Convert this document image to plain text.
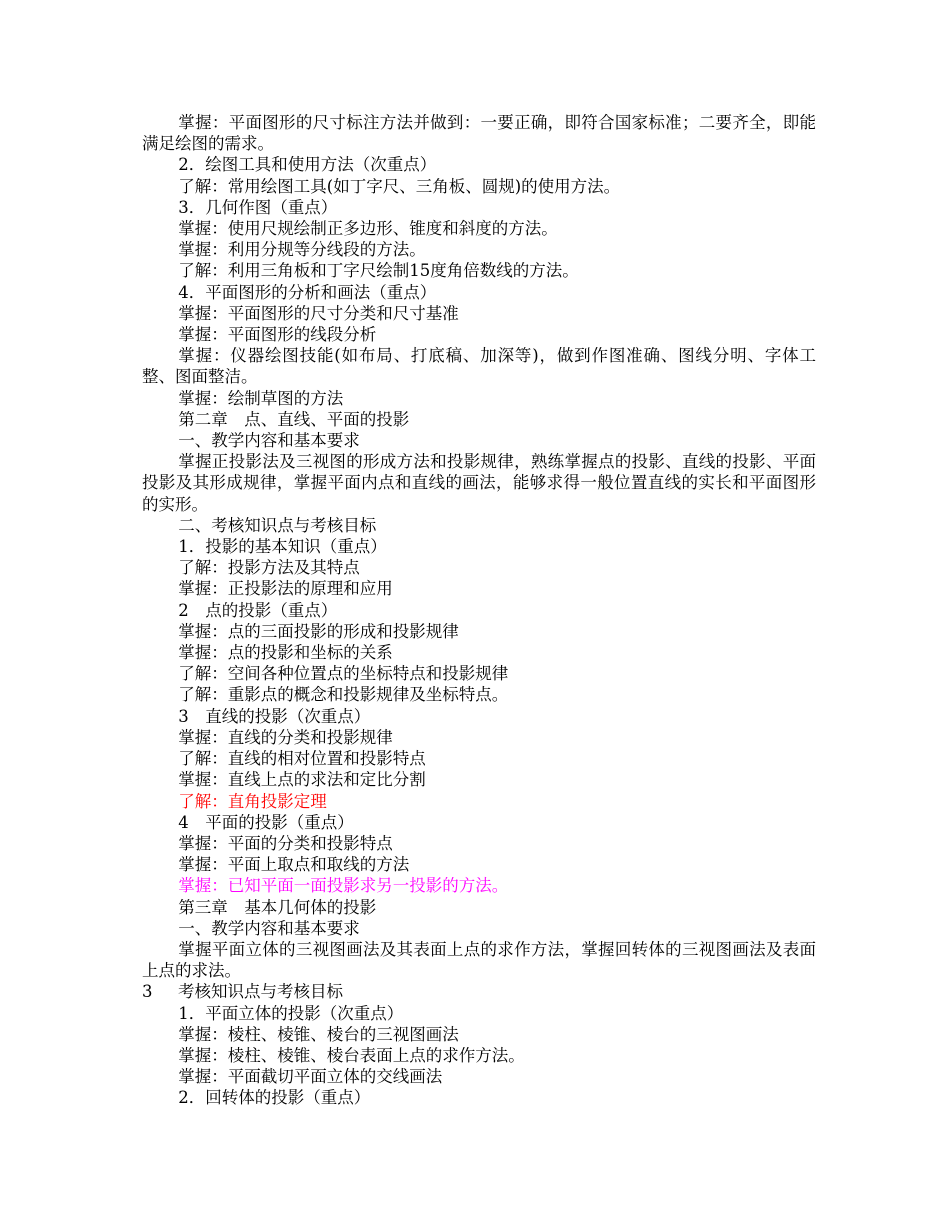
掌握：平面图形的尺寸标注方法并做到：一要正确，即符合国家标准；二要齐全，即能满足绘图的需求。

2．绘图工具和使用方法（次重点）

了解：常用绘图工具(如丁字尺、三角板、圆规)的使用方法。

3．几何作图（重点）

掌握：使用尺规绘制正多边形、锥度和斜度的方法。

掌握：利用分规等分线段的方法。

了解：利用三角板和丁字尺绘制15度角倍数线的方法。

4．平面图形的分析和画法（重点）

掌握：平面图形的尺寸分类和尺寸基准

掌握：平面图形的线段分析

掌握：仪器绘图技能(如布局、打底稿、加深等)，做到作图准确、图线分明、字体工整、图面整洁。

掌握：绘制草图的方法

第二章　点、直线、平面的投影

一、教学内容和基本要求

掌握正投影法及三视图的形成方法和投影规律，熟练掌握点的投影、直线的投影、平面投影及其形成规律，掌握平面内点和直线的画法，能够求得一般位置直线的实长和平面图形的实形。

二、考核知识点与考核目标

1．投影的基本知识（重点）

了解：投影方法及其特点

掌握：正投影法的原理和应用

2　点的投影（重点）

掌握：点的三面投影的形成和投影规律

掌握：点的投影和坐标的关系

了解：空间各种位置点的坐标特点和投影规律

了解：重影点的概念和投影规律及坐标特点。

3　直线的投影（次重点）

掌握：直线的分类和投影规律

了解：直线的相对位置和投影特点

掌握：直线上点的求法和定比分割

了解：直角投影定理

4　平面的投影（重点）

掌握：平面的分类和投影特点

掌握：平面上取点和取线的方法

掌握：已知平面一面投影求另一投影的方法。

第三章　基本几何体的投影

一、教学内容和基本要求

掌握平面立体的三视图画法及其表面上点的求作方法，掌握回转体的三视图画法及表面上点的求法。

3 考核知识点与考核目标

1．平面立体的投影（次重点）

掌握：棱柱、棱锥、棱台的三视图画法

掌握：棱柱、棱锥、棱台表面上点的求作方法。

掌握：平面截切平面立体的交线画法

2．回转体的投影（重点）
